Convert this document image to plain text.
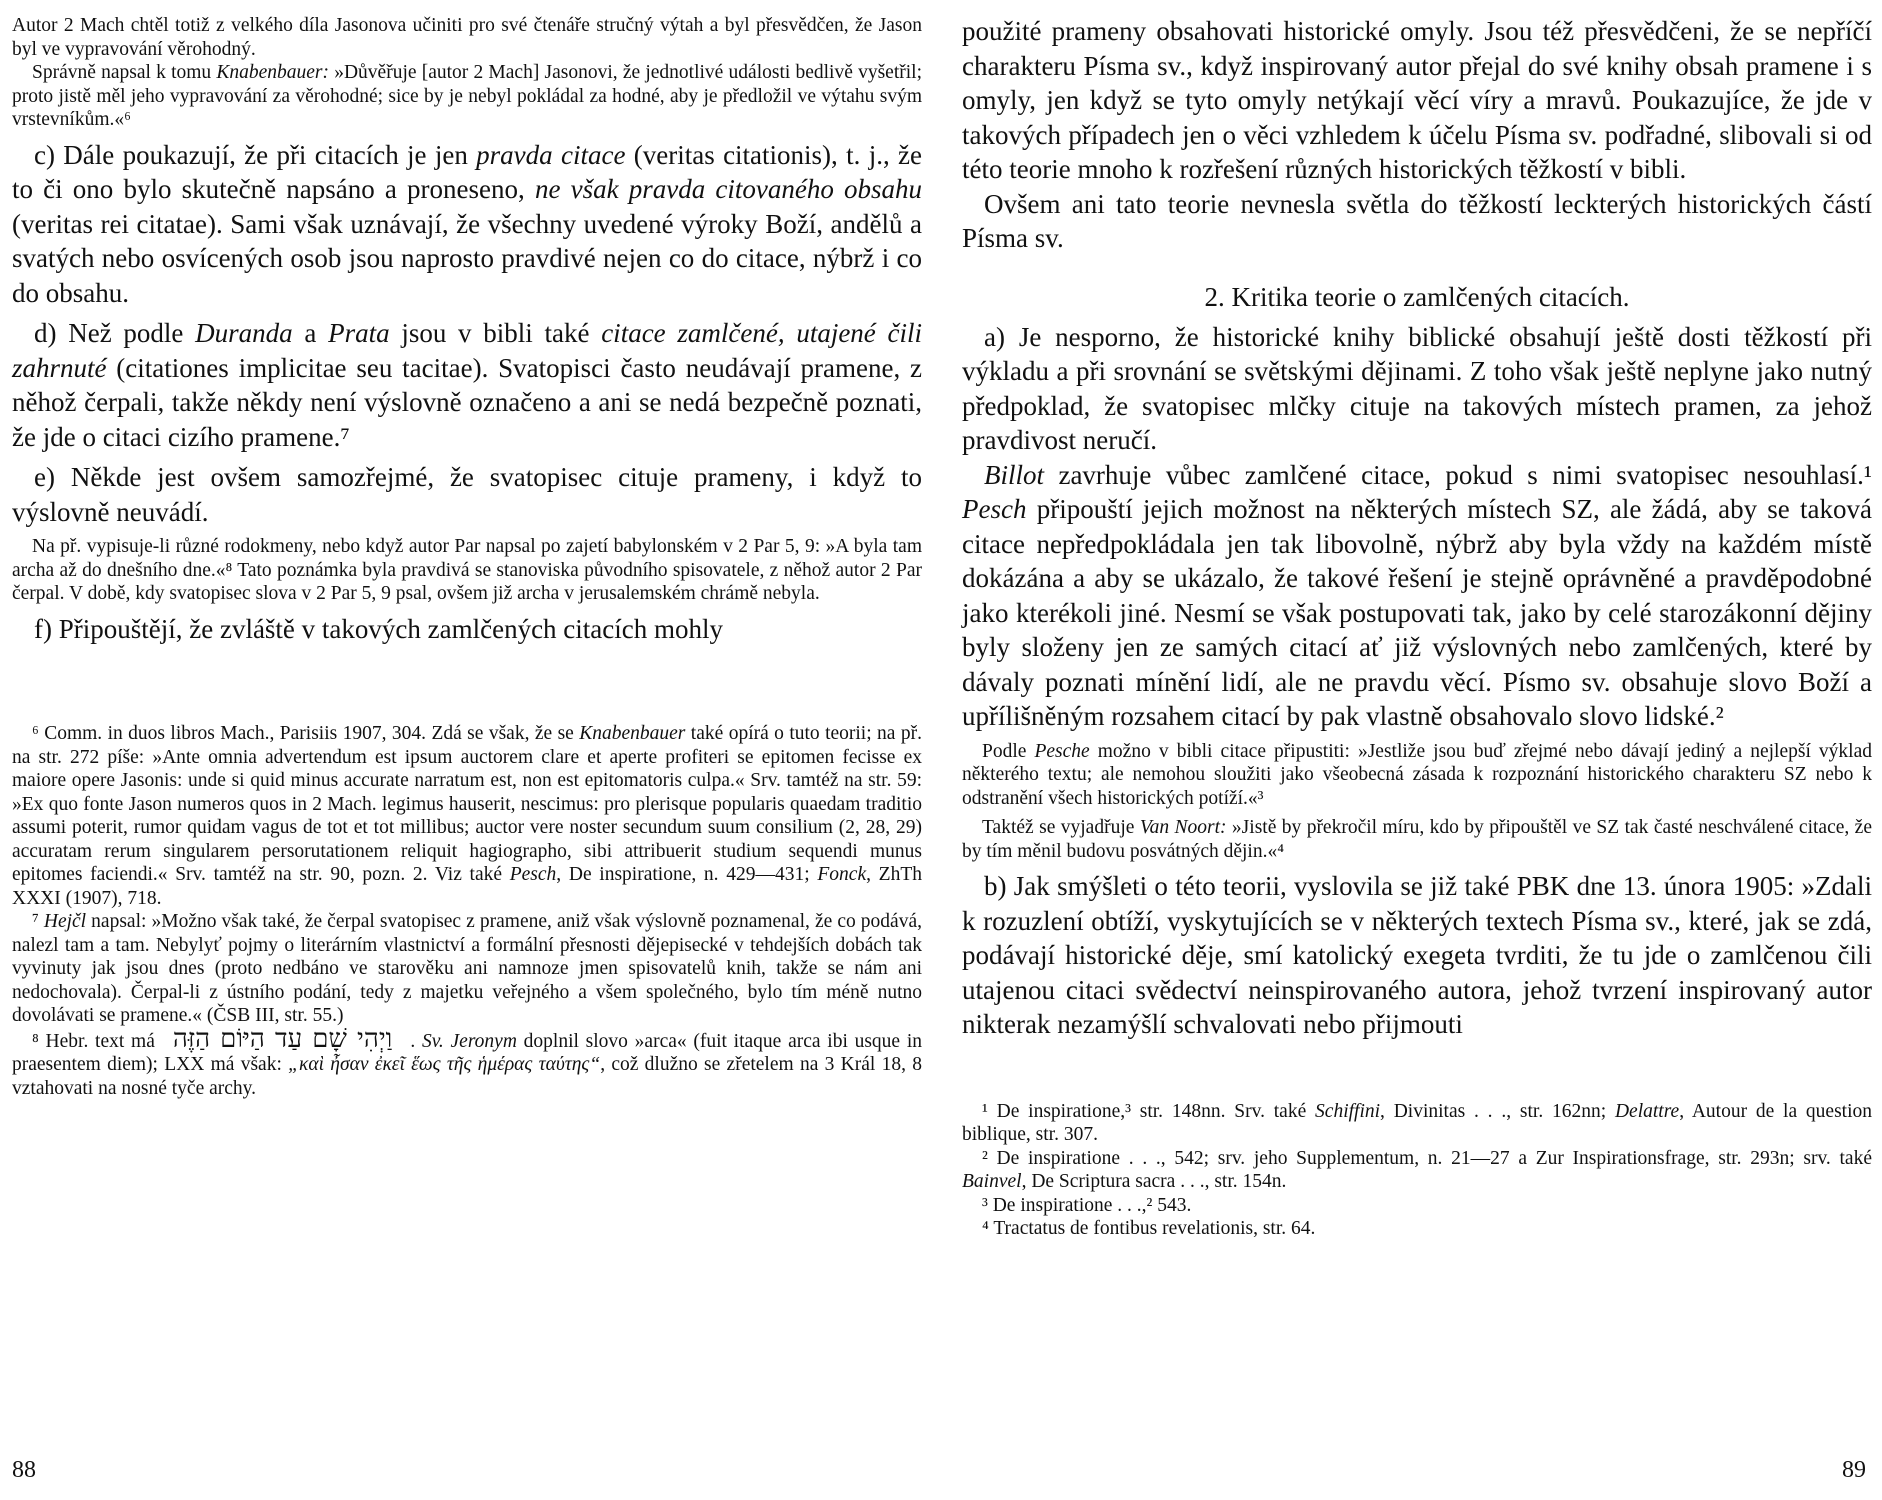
Autor 2 Mach chtěl totiž z velkého díla Jasonova učiniti pro své čtenáře stručný výtah a byl přesvědčen, že Jason byl ve vypravování věrohodný.

Správně napsal k tomu Knabenbauer: »Důvěřuje [autor 2 Mach] Jasonovi, že jednotlivé události bedlivě vyšetřil; proto jistě měl jeho vypravování za věrohodné; sice by je nebyl pokládal za hodné, aby je předložil ve výtahu svým vrstevníkům.«⁶

c) Dále poukazují, že při citacích je jen pravda citace (veritas citationis), t. j., že to či ono bylo skutečně napsáno a proneseno, ne však pravda citovaného obsahu (veritas rei citatae). Sami však uznávají, že všechny uvedené výroky Boží, andělů a svatých nebo osvícených osob jsou naprosto pravdivé nejen co do citace, nýbrž i co do obsahu.

d) Než podle Duranda a Prata jsou v bibli také citace zamlčené, utajené čili zahrnuté (citationes implicitae seu tacitae). Svatopisci často neudávají pramene, z něhož čerpali, takže někdy není výslovně označeno a ani se nedá bezpečně poznati, že jde o citaci cizího pramene.⁷

e) Někde jest ovšem samozřejmé, že svatopisec cituje prameny, i když to výslovně neuvádí.

Na př. vypisuje-li různé rodokmeny, nebo když autor Par napsal po zajetí babylonském v 2 Par 5, 9: »A byla tam archa až do dnešního dne.«⁸ Tato poznámka byla pravdivá se stanoviska původního spisovatele, z něhož autor 2 Par čerpal. V době, kdy svatopisec slova v 2 Par 5, 9 psal, ovšem již archa v jerusalemském chrámě nebyla.

f) Připouštějí, že zvláště v takových zamlčených citacích mohly

⁶ Comm. in duos libros Mach., Parisiis 1907, 304. Zdá se však, že se Knabenbauer také opírá o tuto teorii; na př. na str. 272 píše: »Ante omnia advertendum est ipsum auctorem clare et aperte profiteri se epitomen fecisse ex maiore opere Jasonis: unde si quid minus accurate narratum est, non est epitomatoris culpa.« Srv. tamtéž na str. 59: »Ex quo fonte Jason numeros quos in 2 Mach. legimus hauserit, nescimus: pro plerisque popularis quaedam traditio assumi poterit, rumor quidam vagus de tot et tot millibus; auctor vere noster secundum suum consilium (2, 28, 29) accuratam rerum singularem persorutationem reliquit hagiographo, sibi attribuerit studium sequendi munus epitomes faciendi.« Srv. tamtéž na str. 90, pozn. 2. Viz také Pesch, De inspiratione, n. 429—431; Fonck, ZhTh XXXI (1907), 718.

⁷ Hejčl napsal: »Možno však také, že čerpal svatopisec z pramene, aniž však výslovně poznamenal, že co podává, nalezl tam a tam. Nebylyť pojmy o literárním vlastnictví a formální přesnosti dějepisecké v tehdejších dobách tak vyvinuty jak jsou dnes (proto nedbáno ve starověku ani namnoze jmen spisovatelů knih, takže se nám ani nedochovala). Čerpal-li z ústního podání, tedy z majetku veřejného a všem společného, bylo tím méně nutno dovolávati se pramene.« (ČSB III, str. 55.)

⁸ Hebr. text má וַיְהִי שָׁם עַד הַיּוֹם הַזֶּה . Sv. Jeronym doplnil slovo »arca« (fuit itaque arca ibi usque in praesentem diem); LXX má však: „καὶ ἦσαν ἐκεῖ ἕως τῆς ἡμέρας ταύτης“, což dlužno se zřetelem na 3 Král 18, 8 vztahovati na nosné tyče archy.

88

použité prameny obsahovati historické omyly. Jsou též přesvědčeni, že se nepříčí charakteru Písma sv., když inspirovaný autor přejal do své knihy obsah pramene i s omyly, jen když se tyto omyly netýkají věcí víry a mravů. Poukazujíce, že jde v takových případech jen o věci vzhledem k účelu Písma sv. podřadné, slibovali si od této teorie mnoho k rozřešení různých historických těžkostí v bibli.

Ovšem ani tato teorie nevnesla světla do těžkostí leckterých historických částí Písma sv.

2. Kritika teorie o zamlčených citacích.

a) Je nesporno, že historické knihy biblické obsahují ještě dosti těžkostí při výkladu a při srovnání se světskými dějinami. Z toho však ještě neplyne jako nutný předpoklad, že svatopisec mlčky cituje na takových místech pramen, za jehož pravdivost neručí.

Billot zavrhuje vůbec zamlčené citace, pokud s nimi svatopisec nesouhlasí.¹ Pesch připouští jejich možnost na některých místech SZ, ale žádá, aby se taková citace nepředpokládala jen tak libovolně, nýbrž aby byla vždy na každém místě dokázána a aby se ukázalo, že takové řešení je stejně oprávněné a pravděpodobné jako kterékoli jiné. Nesmí se však postupovati tak, jako by celé starozákonní dějiny byly složeny jen ze samých citací ať již výslovných nebo zamlčených, které by dávaly poznati mínění lidí, ale ne pravdu věcí. Písmo sv. obsahuje slovo Boží a upřílišněným rozsahem citací by pak vlastně obsahovalo slovo lidské.²

Podle Pesche možno v bibli citace připustiti: »Jestliže jsou buď zřejmé nebo dávají jediný a nejlepší výklad některého textu; ale nemohou sloužiti jako všeobecná zásada k rozpoznání historického charakteru SZ nebo k odstranění všech historických potíží.«³

Taktéž se vyjadřuje Van Noort: »Jistě by překročil míru, kdo by připouštěl ve SZ tak časté neschválené citace, že by tím měnil budovu posvátných dějin.«⁴

b) Jak smýšleti o této teorii, vyslovila se již také PBK dne 13. února 1905: »Zdali k rozuzlení obtíží, vyskytujících se v některých textech Písma sv., které, jak se zdá, podávají historické děje, smí katolický exegeta tvrditi, že tu jde o zamlčenou čili utajenou citaci svědectví neinspirovaného autora, jehož tvrzení inspirovaný autor nikterak nezamýšlí schvalovati nebo přijmouti

¹ De inspiratione,³ str. 148nn. Srv. také Schiffini, Divinitas . . ., str. 162nn; Delattre, Autour de la question biblique, str. 307.

² De inspiratione . . ., 542; srv. jeho Supplementum, n. 21—27 a Zur Inspirationsfrage, str. 293n; srv. také Bainvel, De Scriptura sacra . . ., str. 154n.

³ De inspiratione . . .,² 543.

⁴ Tractatus de fontibus revelationis, str. 64.

89
